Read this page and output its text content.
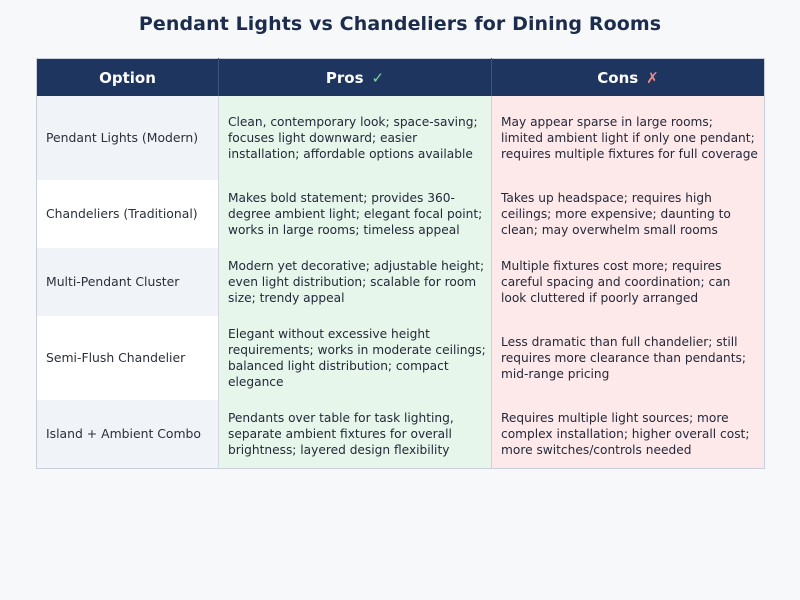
Pendant Lights vs Chandeliers for Dining Rooms
Option	Pros ✓	Cons ✗
Pendant Lights (Modern)	Clean, contemporary look; space-saving; focuses light downward; easier installation; affordable options available	May appear sparse in large rooms; limited ambient light if only one pendant; requires multiple fixtures for full coverage
Chandeliers (Traditional)	Makes bold statement; provides 360-degree ambient light; elegant focal point; works in large rooms; timeless appeal	Takes up headspace; requires high ceilings; more expensive; daunting to clean; may overwhelm small rooms
Multi-Pendant Cluster	Modern yet decorative; adjustable height; even light distribution; scalable for room size; trendy appeal	Multiple fixtures cost more; requires careful spacing and coordination; can look cluttered if poorly arranged
Semi-Flush Chandelier	Elegant without excessive height requirements; works in moderate ceilings; balanced light distribution; compact elegance	Less dramatic than full chandelier; still requires more clearance than pendants; mid-range pricing
Island + Ambient Combo	Pendants over table for task lighting, separate ambient fixtures for overall brightness; layered design flexibility	Requires multiple light sources; more complex installation; higher overall cost; more switches/controls needed
